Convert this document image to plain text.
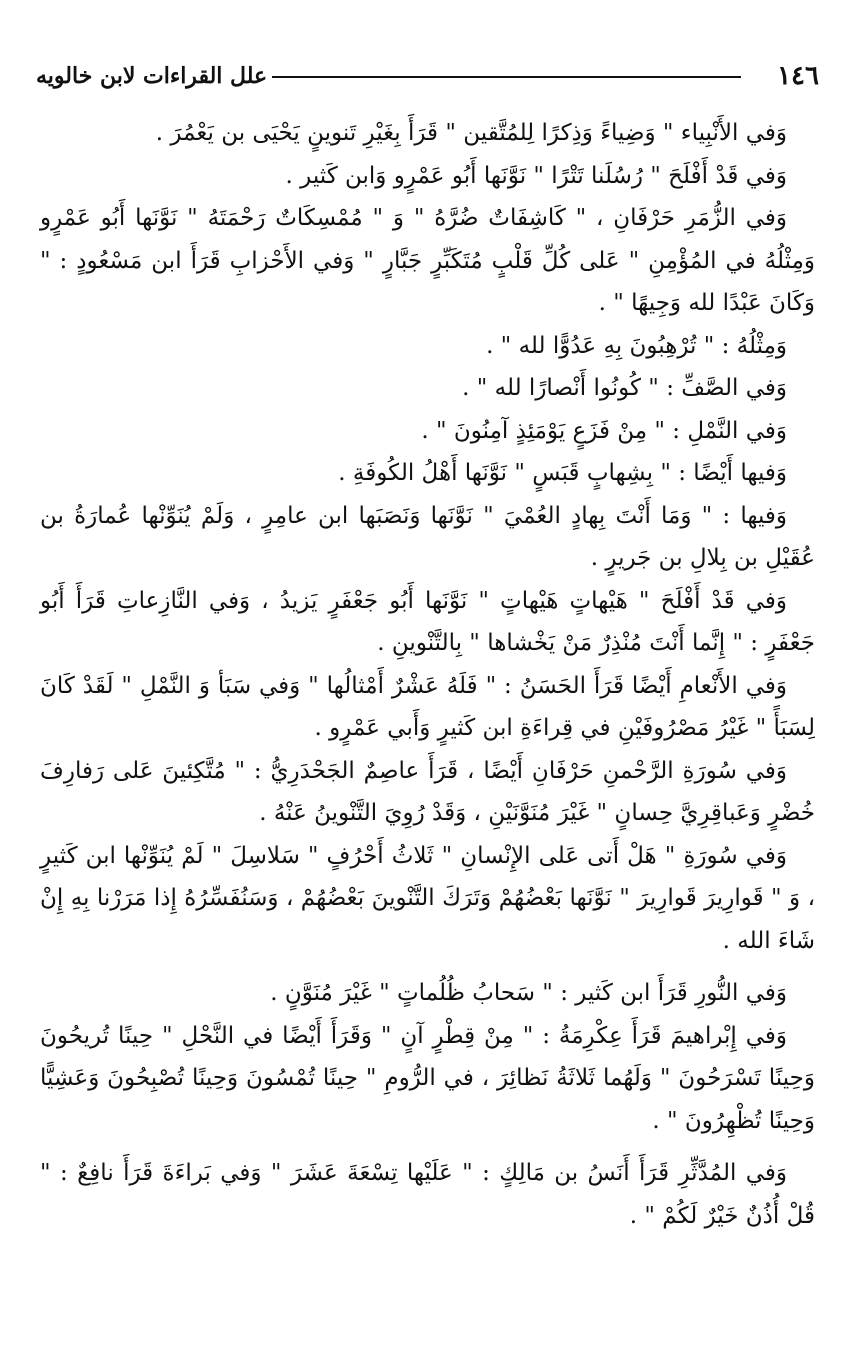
١٤٦
علل القراءات لابن خالويه

وَفي الأَنْبِياء " وَضِياءً وَذِكرًا لِلمُتَّقين " قَرَأَ بِغَيْرِ تَنوينٍ يَحْيَى بن يَعْمُرَ .

وَفي قَدْ أَفْلَحَ " رُسُلَنا تَتْرًا " نَوَّنَها أَبُو عَمْرٍو وَابن كَثير .

وَفي الزُّمَرِ حَرْفَانِ ، " كَاشِفَاتٌ ضُرَّهُ " وَ " مُمْسِكَاتٌ رَحْمَتَهُ " نَوَّنَها أَبُو عَمْرٍو وَمِثْلُهُ في المُؤْمِنِ " عَلى كُلِّ قَلْبٍ مُتَكَبِّرٍ جَبَّارٍ " وَفي الأَحْزابِ قَرَأَ ابن مَسْعُودٍ : " وَكَانَ عَبْدًا لله وَجِيهًا " .

وَمِثْلُهُ : " تُرْهِبُونَ بِهِ عَدُوًّا لله " .

وَفي الصَّفِّ : " كُونُوا أَنْصارًا لله " .

وَفي النَّمْلِ : " مِنْ فَزَعٍ يَوْمَئِذٍ آمِنُونَ " .

وَفيها أَيْضًا : " بِشِهابٍ قَبَسٍ " نَوَّنَها أَهْلُ الكُوفَةِ .

وَفيها : " وَمَا أَنْتَ بِهادٍ العُمْيَ " نَوَّنَها وَنَصَبَها ابن عامِرٍ ، وَلَمْ يُنَوِّنْها عُمارَةُ بن عُقَيْلِ بن بِلالِ بن جَريرٍ .

وَفي قَدْ أَفْلَحَ " هَيْهاتٍ هَيْهاتٍ " نَوَّنَها أَبُو جَعْفَرٍ يَزيدُ ، وَفي النَّازِعاتِ قَرَأَ أَبُو جَعْفَرٍ : " إِنَّما أَنْتَ مُنْذِرٌ مَنْ يَخْشاها " بِالتَّنْوينِ .

وَفي الأَنْعامِ أَيْضًا قَرَأَ الحَسَنُ : " فَلَهُ عَشْرٌ أَمْثالُها " وَفي سَبَأ وَ النَّمْلِ " لَقَدْ كَانَ لِسَبَأً " غَيْرُ مَصْرُوفَيْنِ في قِراءَةِ ابن كَثيرٍ وَأَبي عَمْرٍو .

وَفي سُورَةِ الرَّحْمنِ حَرْفَانِ أَيْضًا ، قَرَأَ عاصِمٌ الجَحْدَرِيُّ : " مُتَّكِئينَ عَلى رَفارِفَ خُضْرٍ وَعَباقِرِيَّ حِسانٍ " غَيْرَ مُنَوَّنَيْنِ ، وَقَدْ رُوِيَ التَّنْوينُ عَنْهُ .

وَفي سُورَةِ " هَلْ أَتى عَلى الإِنْسانِ " ثَلاثُ أَحْرُفٍ " سَلاسِلَ " لَمْ يُنَوِّنْها ابن كَثيرٍ ، وَ " قَوارِيرَ قَوارِيرَ " نَوَّنَها بَعْضُهُمْ وَتَرَكَ التَّنْوينَ بَعْضُهُمْ ، وَسَنُفَسِّرُهُ إِذا مَرَرْنا بِهِ إِنْ شَاءَ الله .

وَفي النُّورِ قَرَأَ ابن كَثير : " سَحابُ ظُلُماتٍ " غَيْرَ مُنَوَّنٍ .

وَفي إِبْراهيمَ قَرَأَ عِكْرِمَةُ : " مِنْ قِطْرٍ آنٍ " وَقَرَأَ أَيْضًا في النَّحْلِ " حِينًا تُريحُونَ وَحِينًا تَسْرَحُونَ " وَلَهُما ثَلاثَةُ نَظائِرَ ، في الرُّومِ " حِينًا تُمْسُونَ وَحِينًا تُصْبِحُونَ وَعَشِيًّا وَحِينًا تُظْهِرُونَ " .

وَفي المُدَّثِّرِ قَرَأَ أَنَسُ بن مَالِكٍ : " عَلَيْها تِسْعَةَ عَشَرَ " وَفي بَراءَةَ قَرَأَ نافِعٌ : " قُلْ أُذُنٌ خَيْرٌ لَكُمْ " .
